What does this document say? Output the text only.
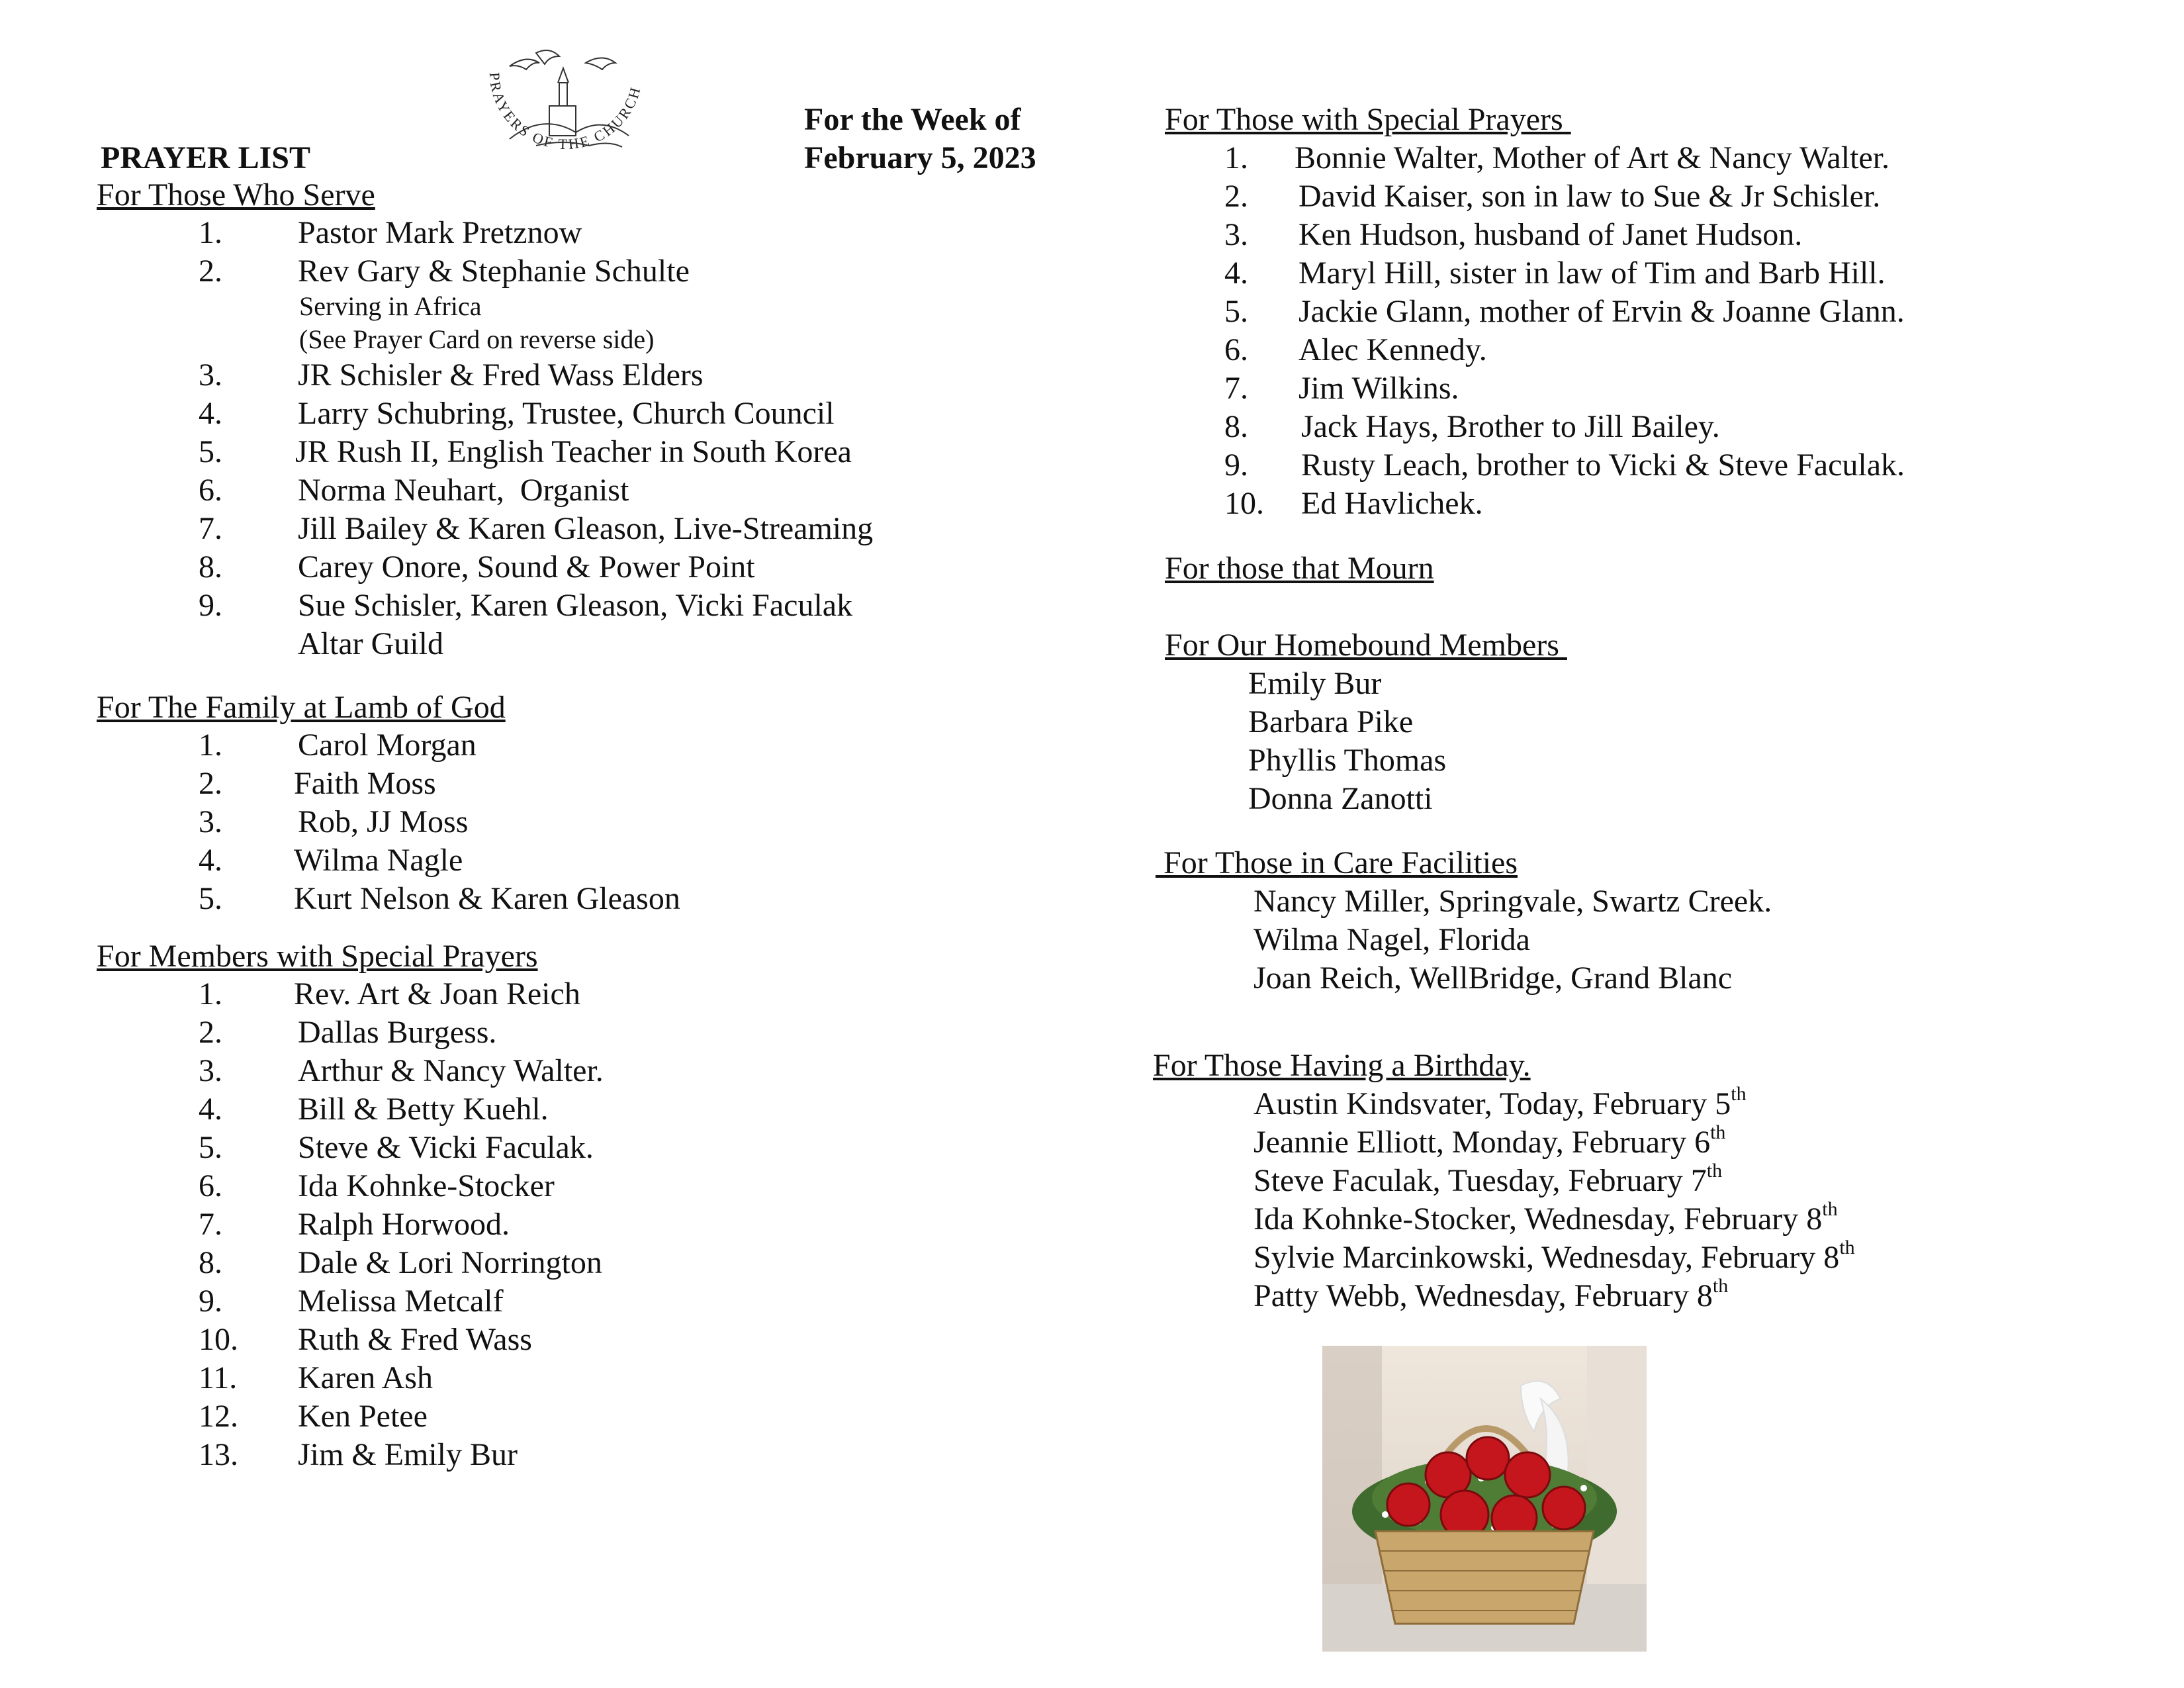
PRAYER LIST
For the Week of
February 5, 2023
PRAYERS OF THE CHURCH
For Those Who Serve
1. Pastor Mark Pretznow
2. Rev Gary & Stephanie Schulte
Serving in Africa
(See Prayer Card on reverse side)
3. JR Schisler & Fred Wass Elders
4. Larry Schubring, Trustee, Church Council
5. JR Rush II, English Teacher in South Korea
6. Norma Neuhart,  Organist
7. Jill Bailey & Karen Gleason, Live-Streaming
8. Carey Onore, Sound & Power Point
9. Sue Schisler, Karen Gleason, Vicki Faculak
Altar Guild
For The Family at Lamb of God
1. Carol Morgan
2. Faith Moss
3. Rob, JJ Moss
4. Wilma Nagle
5. Kurt Nelson & Karen Gleason
For Members with Special Prayers
1. Rev. Art & Joan Reich
2. Dallas Burgess.
3. Arthur & Nancy Walter.
4. Bill & Betty Kuehl.
5. Steve & Vicki Faculak.
6. Ida Kohnke-Stocker
7. Ralph Horwood.
8. Dale & Lori Norrington
9. Melissa Metcalf
10. Ruth & Fred Wass
11. Karen Ash
12. Ken Petee
13. Jim & Emily Bur
For Those with Special Prayers
1. Bonnie Walter, Mother of Art & Nancy Walter.
2. David Kaiser, son in law to Sue & Jr Schisler.
3. Ken Hudson, husband of Janet Hudson.
4. Maryl Hill, sister in law of Tim and Barb Hill.
5. Jackie Glann, mother of Ervin & Joanne Glann.
6. Alec Kennedy.
7. Jim Wilkins.
8. Jack Hays, Brother to Jill Bailey.
9. Rusty Leach, brother to Vicki & Steve Faculak.
10. Ed Havlichek.
For those that Mourn
For Our Homebound Members
Emily Bur
Barbara Pike
Phyllis Thomas
Donna Zanotti
For Those in Care Facilities
Nancy Miller, Springvale, Swartz Creek.
Wilma Nagel, Florida
Joan Reich, WellBridge, Grand Blanc
For Those Having a Birthday.
Austin Kindsvater, Today, February 5th
Jeannie Elliott, Monday, February 6th
Steve Faculak, Tuesday, February 7th
Ida Kohnke-Stocker, Wednesday, February 8th
Sylvie Marcinkowski, Wednesday, February 8th
Patty Webb, Wednesday, February 8th
